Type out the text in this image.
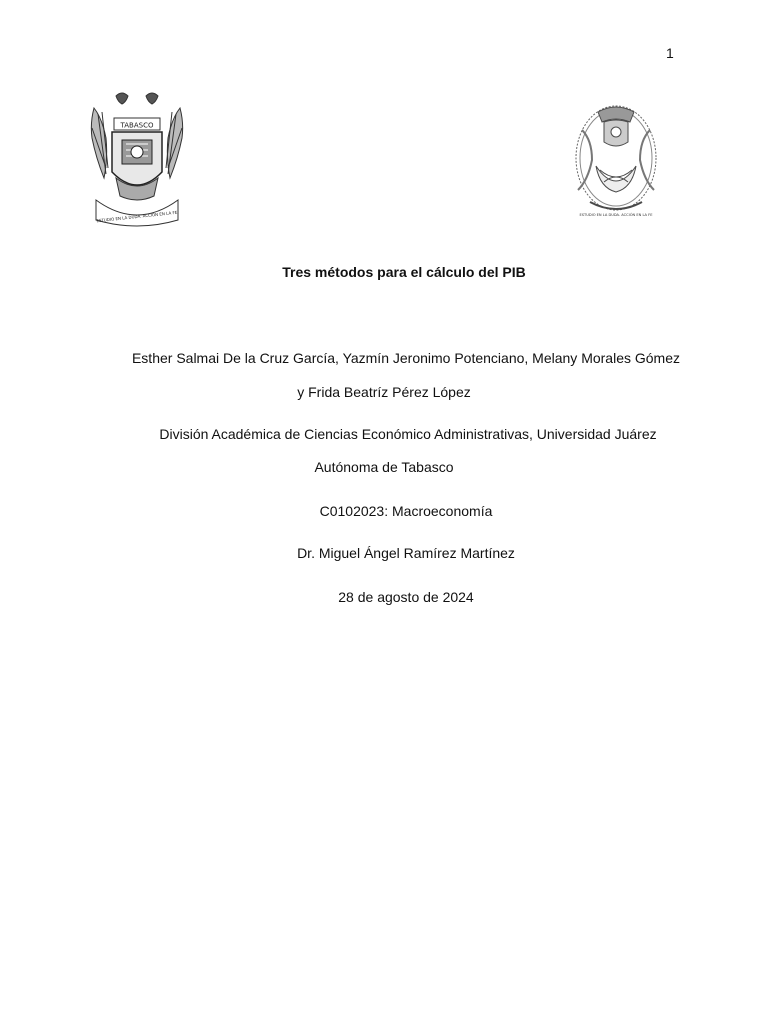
1
TABASCO
ESTUDIO EN LA DUDA. ACCIÓN EN LA FE	ESTUDIO EN LA DUDA. ACCIÓN EN LA FE
Tres métodos para el cálculo del PIB
Esther Salmai De la Cruz García, Yazmín Jeronimo Potenciano, Melany Morales Gómez
y Frida Beatríz Pérez López
División Académica de Ciencias Económico Administrativas, Universidad Juárez
Autónoma de Tabasco
C0102023: Macroeconomía
Dr. Miguel Ángel Ramírez Martínez
28 de agosto de 2024
